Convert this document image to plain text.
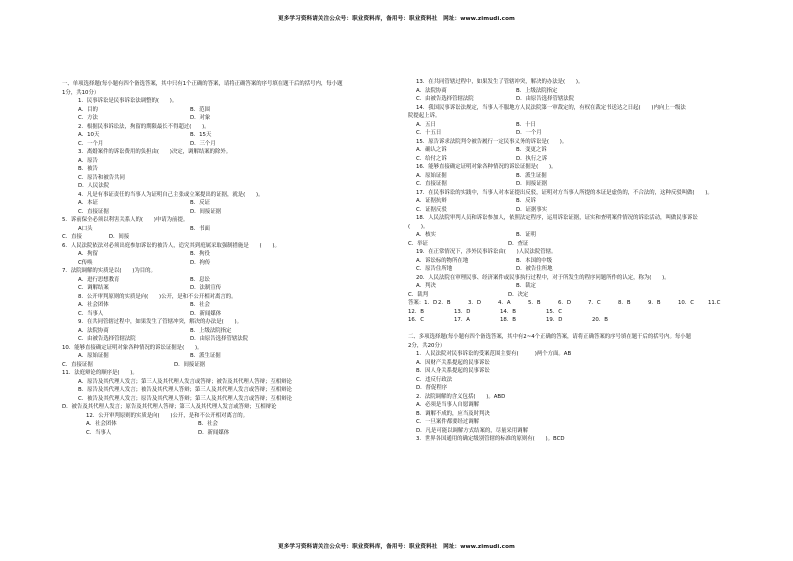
更多学习资料请关注公众号：职业资料库，备用号：职业资料社　网址：www.zimudi.com
一、单项选择题(每小题有四个备选答案，其中只有1个正确的答案，请将正确答案的序号填在题干后的括号内，每小题
1分，共10分）
1．民事诉讼是民事诉讼法调整的(　　)。
A．目的	B．范围
C．方法	D．对象
2．根据民事诉讼法，拘留的期限最长不得超过(　　)。
A．10天	B．15天
C．一个月	D．三个月
3．离婚案件的诉讼费用的负担由(　　)决定，调解结案的除外。
A．原告
B．被告
C．原告和被告共同
D．人民法院
4．凡是有事证责任的当事人为证明自己主张或立案提出的证据，就是(　　)。
A．本证	B．反证
C．直接证据	D．间接证据
5．诉前保全必须以利害关系人的(　　)申请为前提。
A口头	B．书面
C．直接　　　　　D．间接
6．人民法院依法对必须出庭参加诉讼的被告人，追究其到庭属采取强制措施是　　(　　)。
A．拘留	B．拘役
C传唤	D．拘传
7．法院调解的实质是以(　　)为目的。
A．进行思想教育	B．息讼
C．调解结案	D．法制宣传
8．公开审判原则的实质是向(　　)公开，是和不公开相对离言的。
A．社会团体	B．社会
C．当事人	D．新闻媒体
9．在共同管辖过程中，如果发生了管辖冲突，解决的办法是(　　)。
A．法院协商	B．上级法院指定
C．由被告选择管辖法院	D．由原告选择管辖法院
10．能够直接确定证明对象各种情况的诉讼证据是(　　)。
A．原始证据	B．派生证据
C．直接证据	D．间接证据
11．法庭辩论的顺序是(　　)。
A．原告及其代理人发言；第三人及其代理人发言或答辩；被告及其代理人答辩；互相辩论
B．原告及其代理人发言；被告及其代理人答辩；第三人及其代理人发言或答辩；互相辩论
C．被告及其代理人发言；原告及其代理人答辩；第三人及其代理人发言或答辩；互相辩论
D．被告及其代理人发言；原告及其代理人答辩；第三人及其代理人发言或答辩；互相辩论
12．公开审判原则的实质是向(　　)公开，是和不公开相对离言的。
A．社会团体	B．社会
C．当事人	D．新闻媒体
13．在共同管辖过程中，如果发生了管辖冲突，解决的办法是(　　)。
A．法院协商	B．上级法院指定
C．由被告选择管辖法院	D．由原告选择管辖法院
14．我国民事诉讼法规定，当事人不服地方人民法院第一审裁定的，有权在裁定书送达之日起(　　)内向上一级法
院提起上诉。
A．五日	B．十日
C．十五日	D．一个月
15．原告诉求法院判令被告履行一定民事义务的诉讼是(　　)。
A．确认之诉	B．变更之诉
C．给付之诉	D．执行之诉
16．能够直接确定证明对象各种情况的诉讼证据是(　　)。
A．原始证据	B．派生证据
C．直接证据	D．间接证据
17．在民事诉讼的实践中，当事人对本证提出反驳，证明对方当事人所提的本证是虚伪的，不合法的，这种反驳叫做(　　)。
A．证据抗辩	B．反诉
C．证据反驳	D．证据事实
18．人民法院审判人员和诉讼参加人，依照法定程序，运用诉讼证据，证实和查明案件情况的诉讼活动，叫做民事诉讼
(　　)。
A．核实	B．证明
C．举证	D．查证
19．在正常情况下，涉外民事诉讼由(　　)人民法院管辖。
A．诉讼标的物所在地	B．本国的中级
C．原告住所地	D．被告住所地
20．人民法院在审理民事、经济案件或民事执行过程中，对于所发生的程序问题所作的认定，称为(　　)。
A．判决	B．裁定
C．裁判	D．决定
答案：1．D 2．B	3．D	4．A	5．B	6．D	7．C	8．B	9．B	10．C	11.C
12．B	13．D	14．B	15．C
16．C	17．A	18．B	19．D	20．B
二、多项选择题(每小题有四个备选答案，其中有2~4个正确的答案，请将正确答案的序号填在题干后的括号内。每小题
2分，共20分）
1．人民法院对民事诉讼的受案范围主要有(　　　)两个方面。AB
A．因财产关系提起的民事诉讼
B．因人身关系提起的民事诉讼
C．违反行政法
D．督促程序
2．法院调解的含义包括(　　)。ABD
A．必须是当事人自愿调解
B．调解不成的，应当及时判决
C．一旦案件都要经过调解
D．凡是可能以调解方式结案的，尽量采用调解
3．世界各国通用的确定级别管辖的标准的原则有(　　)。BCD
更多学习资料请关注公众号：职业资料库，备用号：职业资料社　网址：www.zimudi.com
